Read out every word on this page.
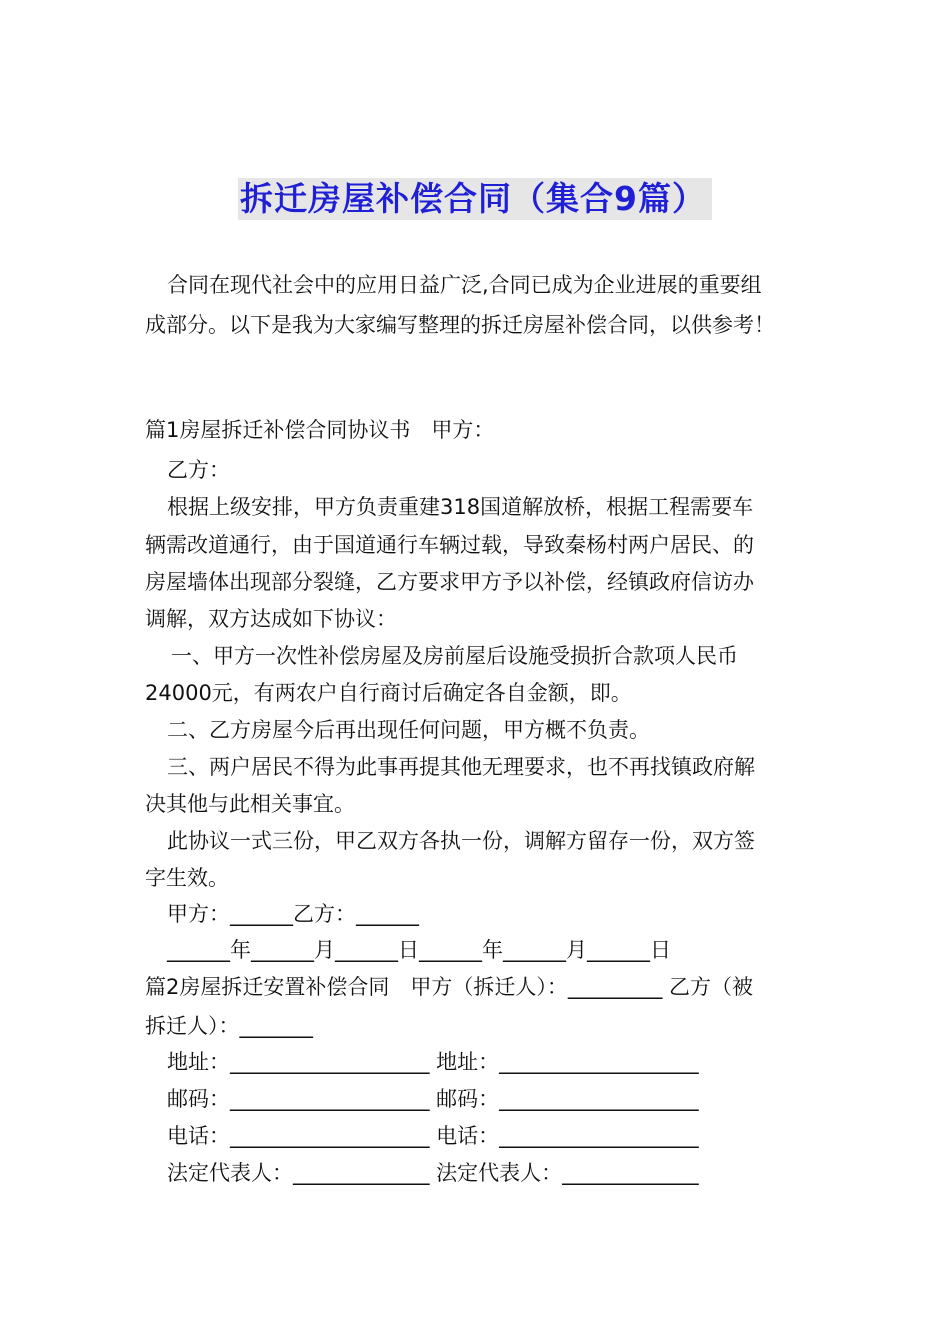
拆迁房屋补偿合同（集合9篇）
合同在现代社会中的应用日益广泛,合同已成为企业进展的重要组
成部分。以下是我为大家编写整理的拆迁房屋补偿合同，以供参考！
篇1房屋拆迁补偿合同协议书　甲方：
乙方：
根据上级安排，甲方负责重建318国道解放桥，根据工程需要车
辆需改道通行，由于国道通行车辆过载，导致秦杨村两户居民、的
房屋墙体出现部分裂缝，乙方要求甲方予以补偿，经镇政府信访办
调解，双方达成如下协议：
一、甲方一次性补偿房屋及房前屋后设施受损折合款项人民币
24000元，有两农户自行商讨后确定各自金额，即。
二、乙方房屋今后再出现任何问题，甲方概不负责。
三、两户居民不得为此事再提其他无理要求，也不再找镇政府解
决其他与此相关事宜。
此协议一式三份，甲乙双方各执一份，调解方留存一份，双方签
字生效。
甲方：______乙方：______
______年______月______日______年______月______日
篇2房屋拆迁安置补偿合同　甲方（拆迁人）：_________ 乙方（被
拆迁人）：_______
地址：___________________ 地址：___________________
邮码：___________________ 邮码：___________________
电话：___________________ 电话：___________________
法定代表人：_____________ 法定代表人：_____________
